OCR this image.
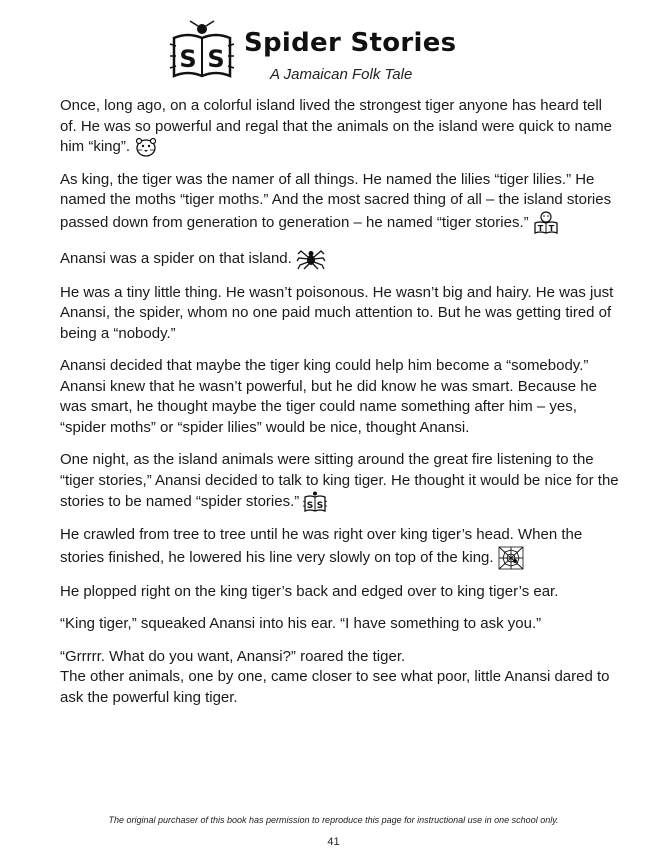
S S
Spider Stories
A Jamaican Folk Tale

Once, long ago, on a colorful island lived the strongest tiger anyone has heard tell of. He was so powerful and regal that the animals on the island were quick to name him “king”.

As king, the tiger was the namer of all things. He named the lilies “tiger lilies.” He named the moths “tiger moths.” And the most sacred thing of all – the island stories passed down from generation to generation – he named “tiger stories.” T T

Anansi was a spider on that island.

He was a tiny little thing. He wasn’t poisonous. He wasn’t big and hairy. He was just Anansi, the spider, whom no one paid much attention to. But he was getting tired of being a “nobody.”

Anansi decided that maybe the tiger king could help him become a “somebody.” Anansi knew that he wasn’t powerful, but he did know he was smart. Because he was smart, he thought maybe the tiger could name something after him – yes, “spider moths” or “spider lilies” would be nice, thought Anansi.

One night, as the island animals were sitting around the great fire listening to the “tiger stories,” Anansi decided to talk to king tiger. He thought it would be nice for the stories to be named “spider stories.” S S

He crawled from tree to tree until he was right over king tiger’s head. When the stories finished, he lowered his line very slowly on top of the king.

He plopped right on the king tiger’s back and edged over to king tiger’s ear.

“King tiger,” squeaked Anansi into his ear. “I have something to ask you.”

“Grrrrr. What do you want, Anansi?” roared the tiger.

The other animals, one by one, came closer to see what poor, little Anansi dared to ask the powerful king tiger.

The original purchaser of this book has permission to reproduce this page for instructional use in one school only.
41
